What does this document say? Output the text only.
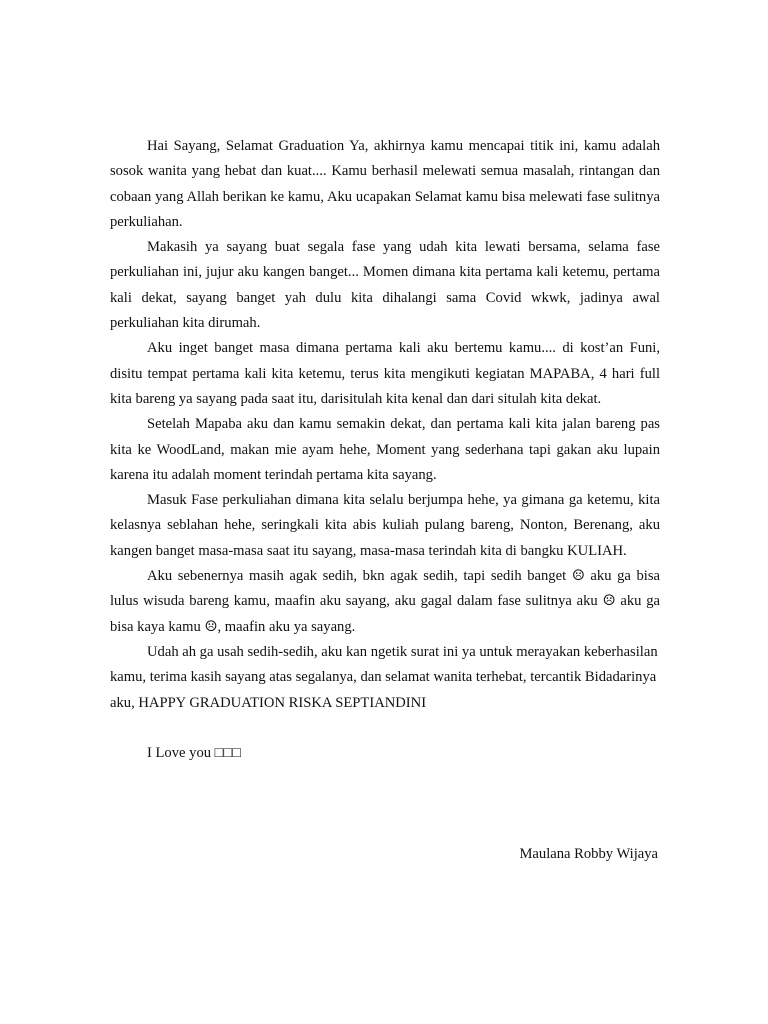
Hai Sayang, Selamat Graduation Ya, akhirnya kamu mencapai titik ini, kamu adalah sosok wanita yang hebat dan kuat.... Kamu berhasil melewati semua masalah, rintangan dan cobaan yang Allah berikan ke kamu, Aku ucapakan Selamat kamu bisa melewati fase sulitnya perkuliahan.

Makasih ya sayang buat segala fase yang udah kita lewati bersama, selama fase perkuliahan ini, jujur aku kangen banget... Momen dimana kita pertama kali ketemu, pertama kali dekat, sayang banget yah dulu kita dihalangi sama Covid wkwk, jadinya awal perkuliahan kita dirumah.

Aku inget banget masa dimana pertama kali aku bertemu kamu.... di kost’an Funi, disitu tempat pertama kali kita ketemu, terus kita mengikuti kegiatan MAPABA, 4 hari full kita bareng ya sayang pada saat itu, darisitulah kita kenal dan dari situlah kita dekat.

Setelah Mapaba aku dan kamu semakin dekat, dan pertama kali kita jalan bareng pas kita ke WoodLand, makan mie ayam hehe, Moment yang sederhana tapi gakan aku lupain karena itu adalah moment terindah pertama kita sayang.

Masuk Fase perkuliahan dimana kita selalu berjumpa hehe, ya gimana ga ketemu, kita kelasnya seblahan hehe, seringkali kita abis kuliah pulang bareng, Nonton, Berenang, aku kangen banget masa-masa saat itu sayang, masa-masa terindah kita di bangku KULIAH.

Aku sebenernya masih agak sedih, bkn agak sedih, tapi sedih banget ☹ aku ga bisa lulus wisuda bareng kamu, maafin aku sayang, aku gagal dalam fase sulitnya aku ☹ aku ga bisa kaya kamu ☹, maafin aku ya sayang.

Udah ah ga usah sedih-sedih, aku kan ngetik surat ini ya untuk merayakan keberhasilan kamu, terima kasih sayang atas segalanya, dan selamat wanita terhebat, tercantik Bidadarinya aku, HAPPY GRADUATION RISKA SEPTIANDINI

I Love you □□□

Maulana Robby Wijaya
